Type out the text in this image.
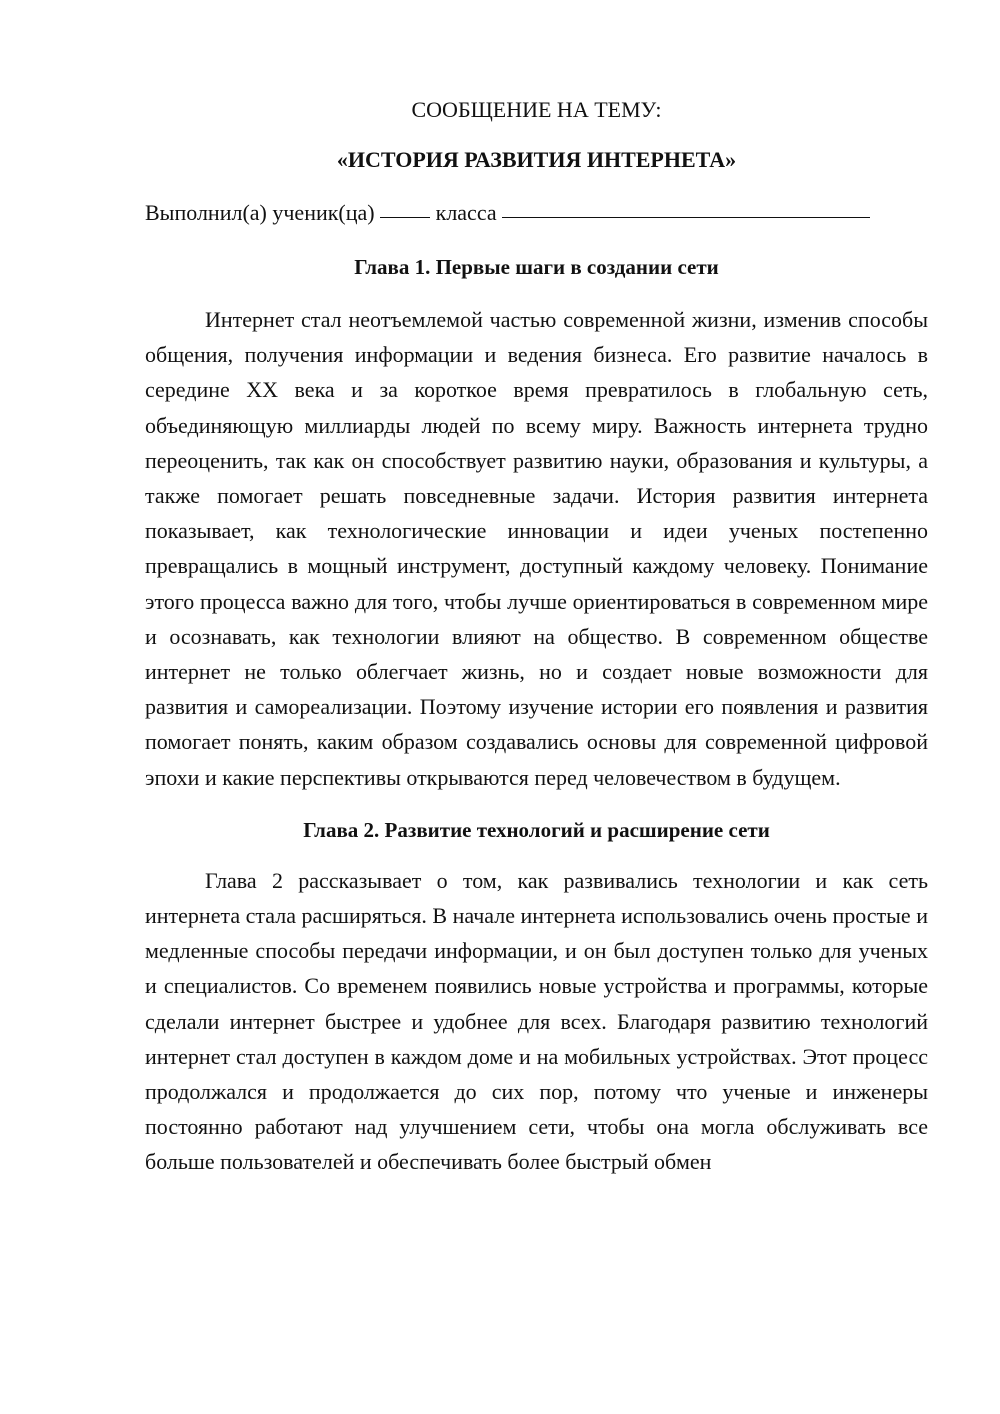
СООБЩЕНИЕ НА ТЕМУ:

«ИСТОРИЯ РАЗВИТИЯ ИНТЕРНЕТА»

Выполнил(а) ученик(ца)	класса
Глава 1. Первые шаги в создании сети

Интернет стал неотъемлемой частью современной жизни, изменив способы общения, получения информации и ведения бизнеса. Его развитие началось в середине XX века и за короткое время превратилось в глобальную сеть, объединяющую миллиарды людей по всему миру. Важность интернета трудно переоценить, так как он способствует развитию науки, образования и культуры, а также помогает решать повседневные задачи. История развития интернета показывает, как технологические инновации и идеи ученых постепенно превращались в мощный инструмент, доступный каждому человеку. Понимание этого процесса важно для того, чтобы лучше ориентироваться в современном мире и осознавать, как технологии влияют на общество. В современном обществе интернет не только облегчает жизнь, но и создает новые возможности для развития и самореализации. Поэтому изучение истории его появления и развития помогает понять, каким образом создавались основы для современной цифровой эпохи и какие перспективы открываются перед человечеством в будущем.

Глава 2. Развитие технологий и расширение сети

Глава 2 рассказывает о том, как развивались технологии и как сеть интернета стала расширяться. В начале интернета использовались очень простые и медленные способы передачи информации, и он был доступен только для ученых и специалистов. Со временем появились новые устройства и программы, которые сделали интернет быстрее и удобнее для всех. Благодаря развитию технологий интернет стал доступен в каждом доме и на мобильных устройствах. Этот процесс продолжался и продолжается до сих пор, потому что ученые и инженеры постоянно работают над улучшением сети, чтобы она могла обслуживать все больше пользователей и обеспечивать более быстрый обмен
